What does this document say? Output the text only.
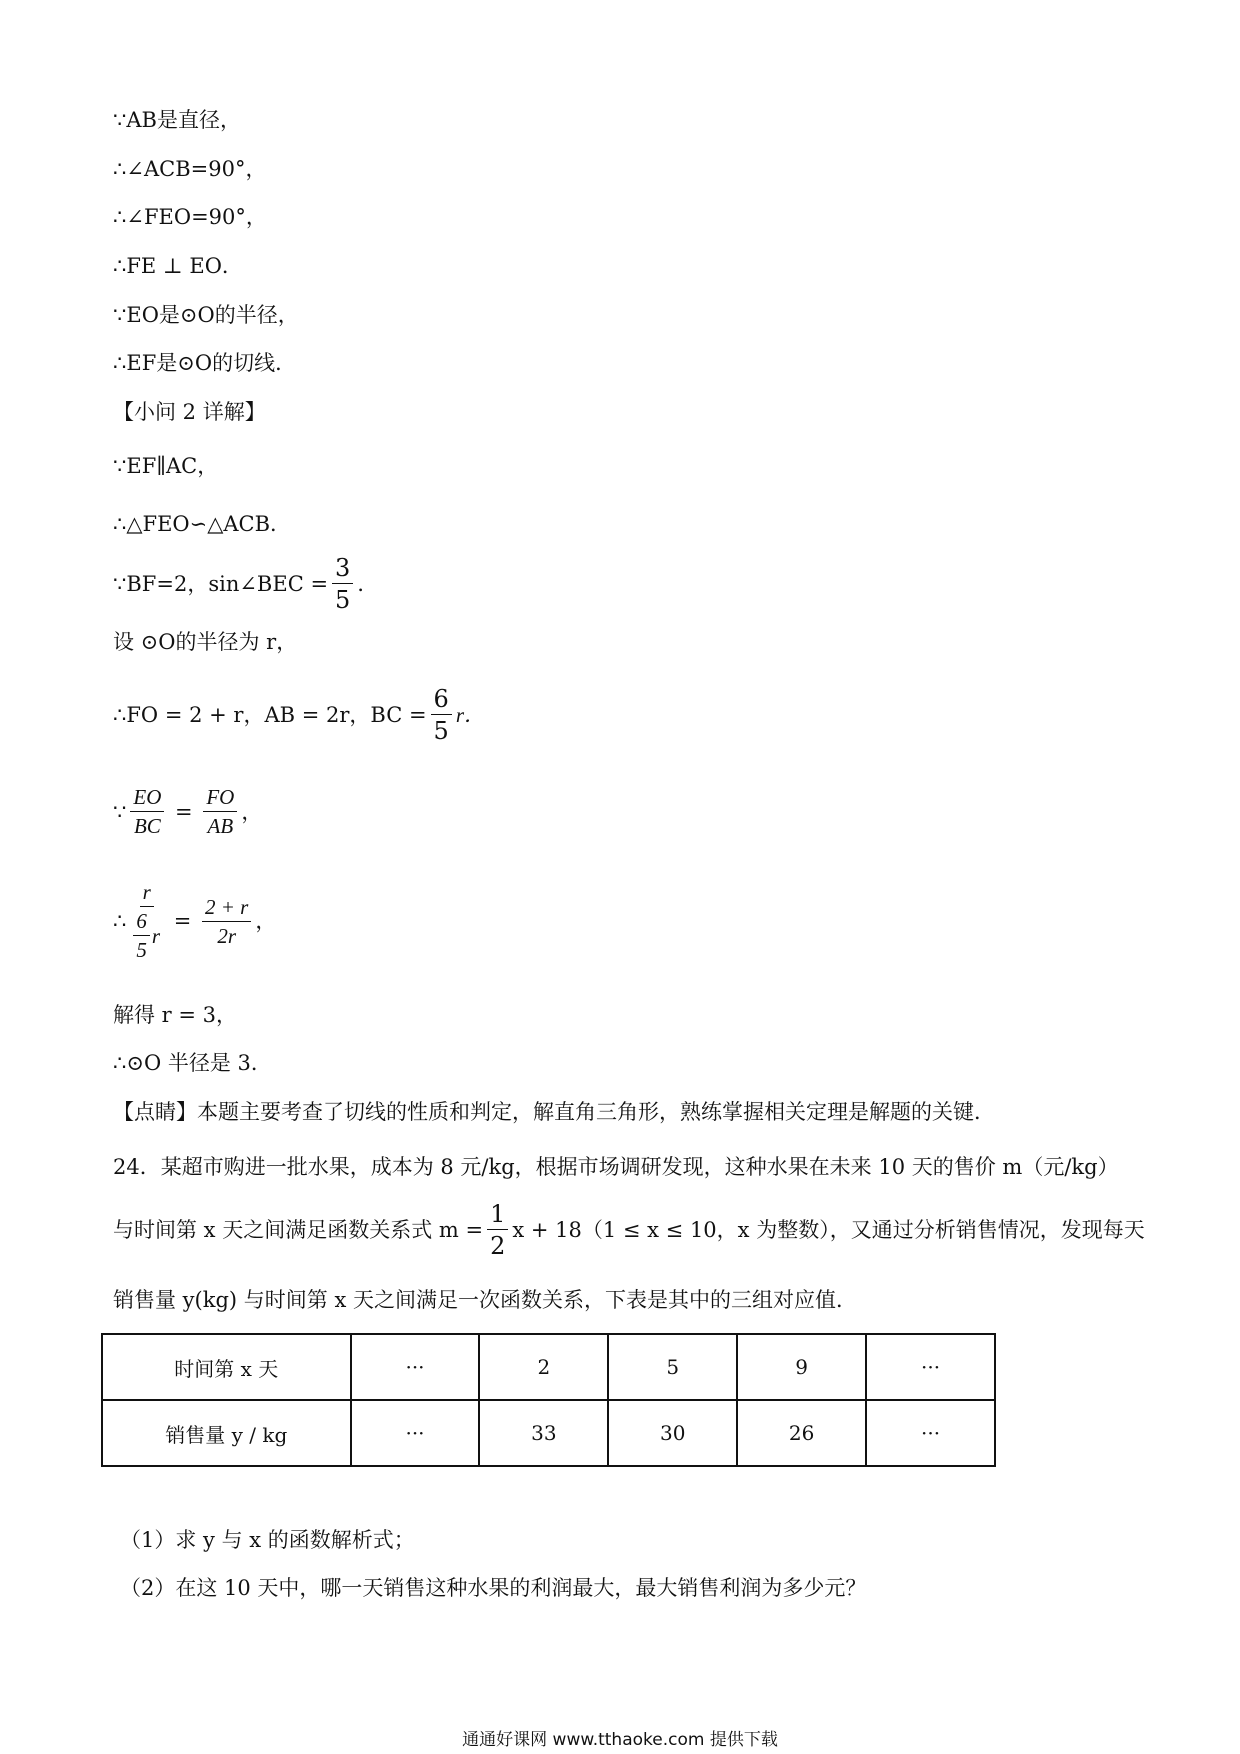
∵AB是直径，
∴∠ACB=90°，
∴∠FEO=90°，
∴FE ⊥ EO．
∵EO是⊙O的半径，
∴EF是⊙O的切线．
【小问 2 详解】
∵EF∥AC，
∴△FEO∽△ACB．
∵BF=2，sin∠BEC = $\frac{3}{5}$ ．
设 ⊙O的半径为 r，
∴FO = 2 + r，AB = 2r，BC = $\frac{6}{5}$ r．
∵ $\frac{EO}{BC} = \frac{FO}{AB}$ ，
∴ $\frac{r}{\frac{6}{5} r} = \frac{2 + r}{2r}$ ，
解得 r = 3，
∴⊙O 半径是 3．
【点睛】本题主要考查了切线的性质和判定，解直角三角形，熟练掌握相关定理是解题的关键．
24．某超市购进一批水果，成本为 8 元/kg，根据市场调研发现，这种水果在未来 10 天的售价 m（元/kg）
与时间第 x 天之间满足函数关系式 $m = \frac{1}{2}$ x + 18（1 ≤ x ≤ 10，x 为整数），又通过分析销售情况，发现每天
销售量 y(kg) 与时间第 x 天之间满足一次函数关系，下表是其中的三组对应值．
时间第 x 天	···	2	5	9	···
销售量 y / kg	···	33	30	26	···
（1）求 y 与 x 的函数解析式；
（2）在这 10 天中，哪一天销售这种水果的利润最大，最大销售利润为多少元？
通通好课网 www.tthaoke.com 提供下载
